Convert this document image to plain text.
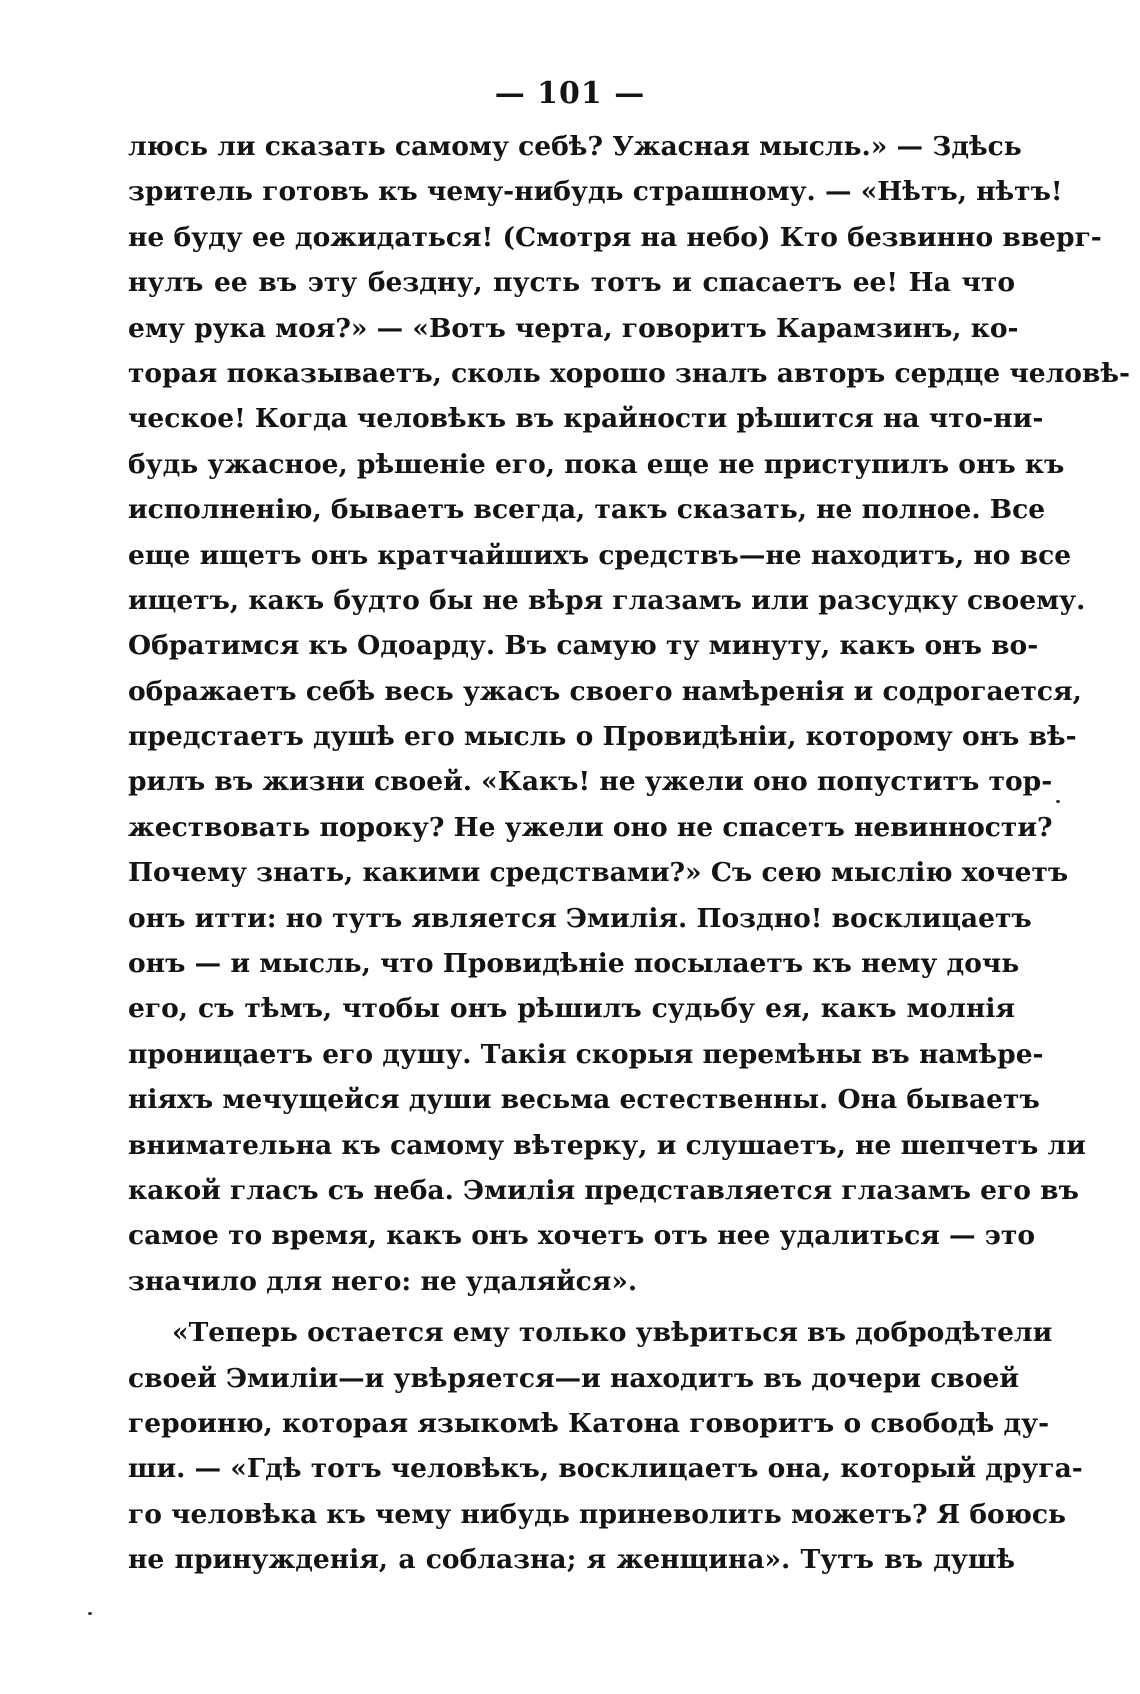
— 101 —
люсь ли сказать самому себѣ? Ужасная мысль.» — Здѣсь
зритель готовъ къ чему-нибудь страшному. — «Нѣтъ, нѣтъ!
не буду ее дожидаться! (Смотря на небо) Кто безвинно вверг-
нулъ ее въ эту бездну, пусть тотъ и спасаетъ ее! На что
ему рука моя?» — «Вотъ черта, говоритъ Карамзинъ, ко-
торая показываетъ, сколь хорошо зналъ авторъ сердце человѣ-
ческое! Когда человѣкъ въ крайности рѣшится на что-ни-
будь ужасное, рѣшеніе его, пока еще не приступилъ онъ къ
исполненію, бываетъ всегда, такъ сказать, не полное. Все
еще ищетъ онъ кратчайшихъ средствъ—не находитъ, но все
ищетъ, какъ будто бы не вѣря глазамъ или разсудку своему.
Обратимся къ Одоарду. Въ самую ту минуту, какъ онъ во-
ображаетъ себѣ весь ужасъ своего намѣренія и содрогается,
предстаетъ душѣ его мысль о Провидѣніи, которому онъ вѣ-
рилъ въ жизни своей. «Какъ! не ужели оно попуститъ тор-
жествовать пороку? Не ужели оно не спасетъ невинности?
Почему знать, какими средствами?» Съ сею мыслію хочетъ
онъ итти: но тутъ является Эмилія. Поздно! восклицаетъ
онъ — и мысль, что Провидѣніе посылаетъ къ нему дочь
его, съ тѣмъ, чтобы онъ рѣшилъ судьбу ея, какъ молнія
проницаетъ его душу. Такія скорыя перемѣны въ намѣре-
ніяхъ мечущейся души весьма естественны. Она бываетъ
внимательна къ самому вѣтерку, и слушаетъ, не шепчетъ ли
какой гласъ съ неба. Эмилія представляется глазамъ его въ
самое то время, какъ онъ хочетъ отъ нее удалиться — это
значило для него: не удаляйся».
«Теперь остается ему только увѣриться въ добродѣтели
своей Эмиліи—и увѣряется—и находитъ въ дочери своей
героиню, которая языкомѣ Катона говоритъ о свободѣ ду-
ши. — «Гдѣ тотъ человѣкъ, восклицаетъ она, который друга-
го человѣка къ чему нибудь приневолить можетъ? Я боюсь
не принужденія, а соблазна; я женщина». Тутъ въ душѣ
